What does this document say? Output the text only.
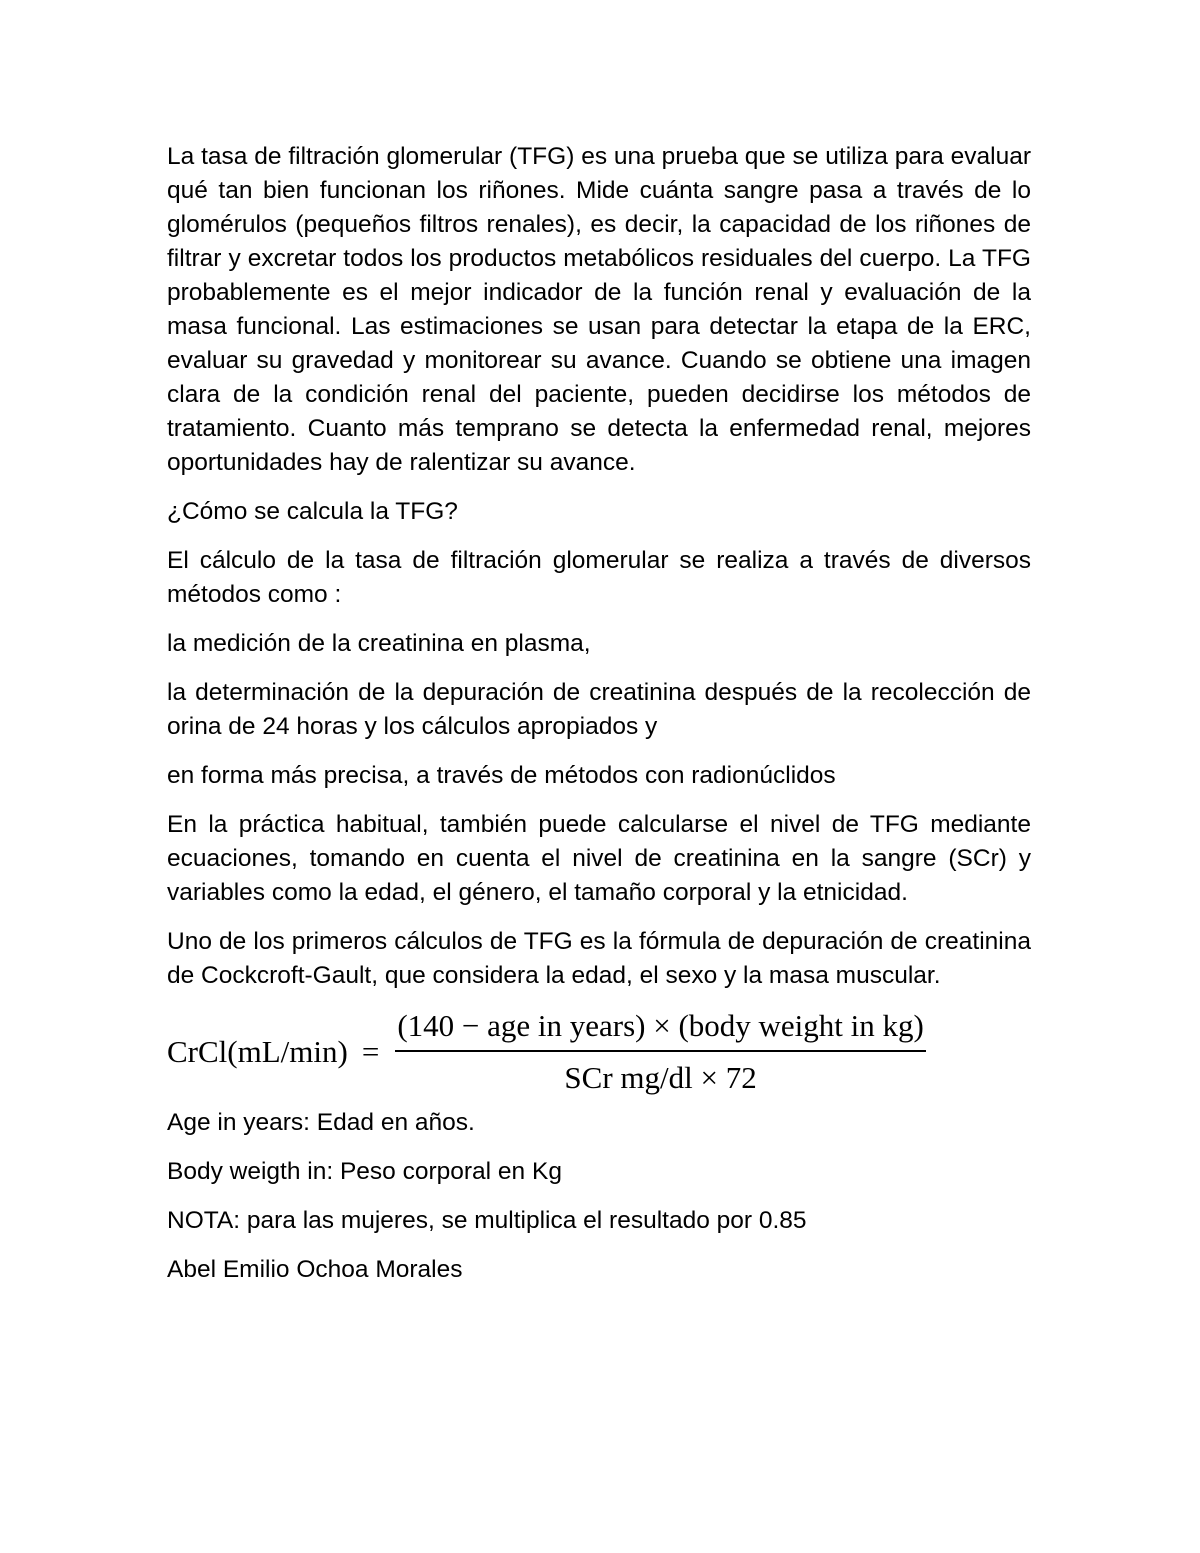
La tasa de filtración glomerular (TFG) es una prueba que se utiliza para evaluar qué tan bien funcionan los riñones. Mide cuánta sangre pasa a través de lo glomérulos (pequeños filtros renales), es decir, la capacidad de los riñones de filtrar y excretar todos los productos metabólicos residuales del cuerpo. La TFG probablemente es el mejor indicador de la función renal y evaluación de la masa funcional. Las estimaciones se usan para detectar la etapa de la ERC, evaluar su gravedad y monitorear su avance. Cuando se obtiene una imagen clara de la condición renal del paciente, pueden decidirse los métodos de tratamiento. Cuanto más temprano se detecta la enfermedad renal, mejores oportunidades hay de ralentizar su avance.

¿Cómo se calcula la TFG?

El cálculo de la tasa de filtración glomerular se realiza a través de diversos métodos como :

la medición de la creatinina en plasma,

la determinación de la depuración de creatinina después de la recolección de orina de 24 horas y los cálculos apropiados y

en forma más precisa, a través de métodos con radionúclidos

En la práctica habitual, también puede calcularse el nivel de TFG mediante ecuaciones, tomando en cuenta el nivel de creatinina en la sangre (SCr) y variables como la edad, el género, el tamaño corporal y la etnicidad.

Uno de los primeros cálculos de TFG es la fórmula de depuración de creatinina de Cockcroft-Gault, que considera la edad, el sexo y la masa muscular.

CrCl(mL/min) = $\frac{\text{(140 − age in years) × (body weight in kg)}}{\text{SCr mg/dl × 72}}$

Age in years: Edad en años.

Body weigth in: Peso corporal en Kg

NOTA: para las mujeres, se multiplica el resultado por 0.85

Abel Emilio Ochoa Morales
